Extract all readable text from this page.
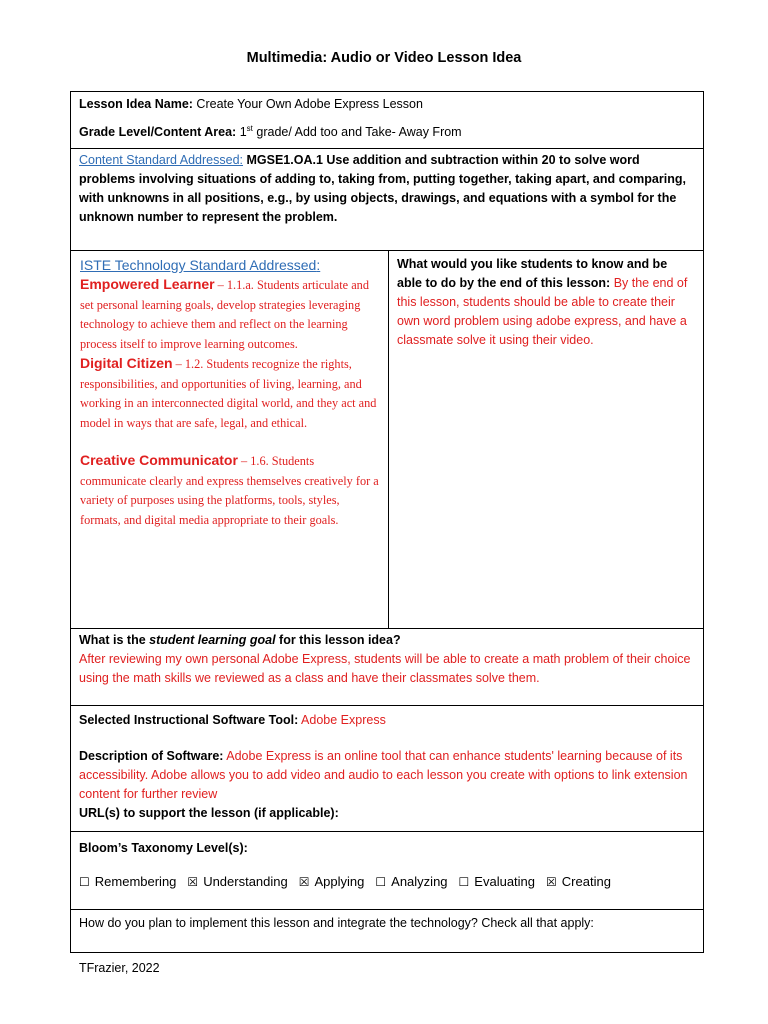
Multimedia: Audio or Video Lesson Idea
Lesson Idea Name: Create Your Own Adobe Express Lesson
Grade Level/Content Area: 1st grade/ Add too and Take- Away From
Content Standard Addressed: MGSE1.OA.1 Use addition and subtraction within 20 to solve word problems involving situations of adding to, taking from, putting together, taking apart, and comparing, with unknowns in all positions, e.g., by using objects, drawings, and equations with a symbol for the unknown number to represent the problem.
ISTE Technology Standard Addressed:
Empowered Learner – 1.1.a. Students articulate and set personal learning goals, develop strategies leveraging technology to achieve them and reflect on the learning process itself to improve learning outcomes.
Digital Citizen – 1.2. Students recognize the rights, responsibilities, and opportunities of living, learning, and working in an interconnected digital world, and they act and model in ways that are safe, legal, and ethical.
Creative Communicator – 1.6. Students communicate clearly and express themselves creatively for a variety of purposes using the platforms, tools, styles, formats, and digital media appropriate to their goals.
What would you like students to know and be able to do by the end of this lesson: By the end of this lesson, students should be able to create their own word problem using adobe express, and have a classmate solve it using their video.
What is the student learning goal for this lesson idea?
After reviewing my own personal Adobe Express, students will be able to create a math problem of their choice using the math skills we reviewed as a class and have their classmates solve them.
Selected Instructional Software Tool: Adobe Express
Description of Software: Adobe Express is an online tool that can enhance students' learning because of its accessibility. Adobe allows you to add video and audio to each lesson you create with options to link extension content for further review
URL(s) to support the lesson (if applicable):
Bloom’s Taxonomy Level(s):
☐ Remembering ☒ Understanding ☒ Applying ☐ Analyzing ☐ Evaluating ☒ Creating
How do you plan to implement this lesson and integrate the technology? Check all that apply:
TFrazier, 2022
